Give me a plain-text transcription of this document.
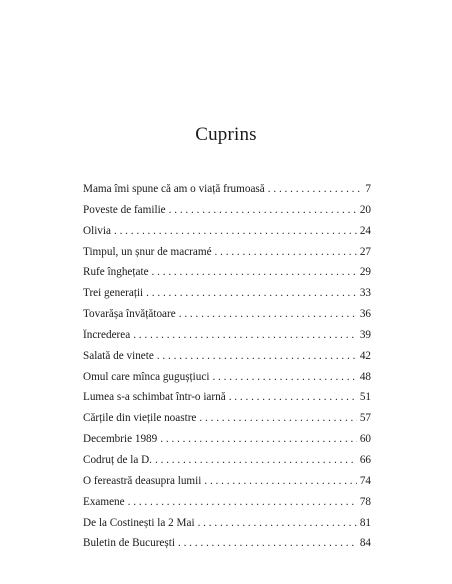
Cuprins
Mama îmi spune că am o viață frumoasă . . .	7
Poveste de familie . . .	20
Olivia . . .	24
Timpul, un șnur de macramé . . .	27
Rufe înghețate . . .	29
Trei generații . . .	33
Tovarășa învățătoare . . .	36
Încrederea . . .	39
Salată de vinete . . .	42
Omul care mînca gugușțiuci . . .	48
Lumea s-a schimbat într-o iarnă . . .	51
Cărțile din viețile noastre . . .	57
Decembrie 1989 . . .	60
Codruț de la D. . . .	66
O fereastră deasupra lumii . . .	74
Examene . . .	78
De la Costinești la 2 Mai . . .	81
Buletin de București . . .	84
